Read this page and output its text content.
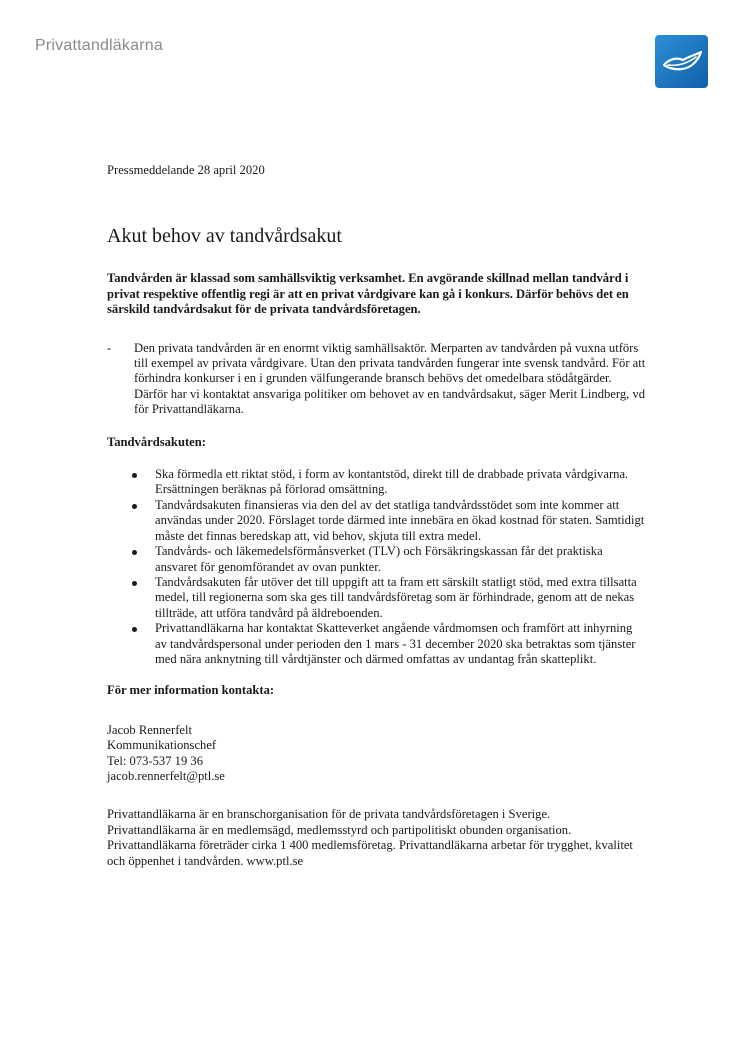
Privattandläkarna

Pressmeddelande 28 april 2020

Akut behov av tandvårdsakut

Tandvården är klassad som samhällsviktig verksamhet. En avgörande skillnad mellan tandvård i privat respektive offentlig regi är att en privat vårdgivare kan gå i konkurs. Därför behövs det en särskild tandvårdsakut för de privata tandvårdsföretagen.

- Den privata tandvården är en enormt viktig samhällsaktör. Merparten av tandvården på vuxna utförs till exempel av privata vårdgivare. Utan den privata tandvården fungerar inte svensk tandvård. För att förhindra konkurser i en i grunden välfungerande bransch behövs det omedelbara stödåtgärder. Därför har vi kontaktat ansvariga politiker om behovet av en tandvårdsakut, säger Merit Lindberg, vd för Privattandläkarna.

Tandvårdsakuten:

Ska förmedla ett riktat stöd, i form av kontantstöd, direkt till de drabbade privata vårdgivarna. Ersättningen beräknas på förlorad omsättning.
Tandvårdsakuten finansieras via den del av det statliga tandvårdsstödet som inte kommer att användas under 2020. Förslaget torde därmed inte innebära en ökad kostnad för staten. Samtidigt måste det finnas beredskap att, vid behov, skjuta till extra medel.
Tandvårds- och läkemedelsförmånsverket (TLV) och Försäkringskassan får det praktiska ansvaret för genomförandet av ovan punkter.
Tandvårdsakuten får utöver det till uppgift att ta fram ett särskilt statligt stöd, med extra tillsatta medel, till regionerna som ska ges till tandvårdsföretag som är förhindrade, genom att de nekas tillträde, att utföra tandvård på äldreboenden.
Privattandläkarna har kontaktat Skatteverket angående vårdmomsen och framfört att inhyrning av tandvårdspersonal under perioden den 1 mars - 31 december 2020 ska betraktas som tjänster med nära anknytning till vårdtjänster och därmed omfattas av undantag från skatteplikt.

För mer information kontakta:

Jacob Rennerfelt
Kommunikationschef
Tel: 073-537 19 36
jacob.rennerfelt@ptl.se

Privattandläkarna är en branschorganisation för de privata tandvårdsföretagen i Sverige. Privattandläkarna är en medlemsägd, medlemsstyrd och partipolitiskt obunden organisation. Privattandläkarna företräder cirka 1 400 medlemsföretag. Privattandläkarna arbetar för trygghet, kvalitet och öppenhet i tandvården. www.ptl.se
